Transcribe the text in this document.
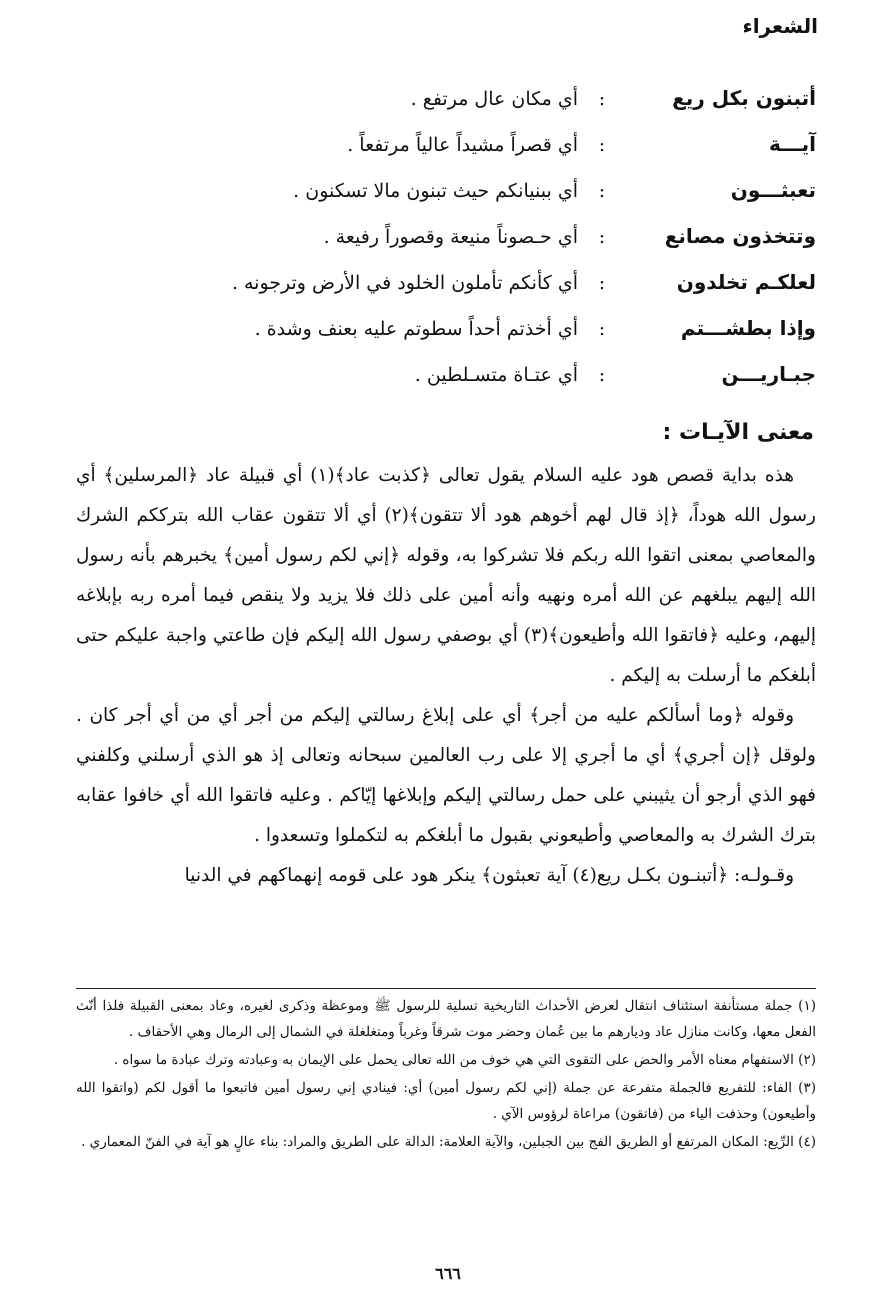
الشعراء
أتبنون بكل ريع
:
أي مكان عال مرتفع .
آيـــة
:
أي قصراً مشيداً عالياً مرتفعاً .
تعبثـــون
:
أي ببنيانكم حيث تبنون مالا تسكنون .
وتتخذون مصانع
:
أي حـصوناً منيعة وقصوراً رفيعة .
لعلكـم تخلدون
:
أي كأنكم تأملون الخلود في الأرض وترجونه .
وإذا بطشـــتم
:
أي أخذتم أحداً سطوتم عليه بعنف وشدة .
جبـاريـــن
:
أي عتـاة متسـلطين .
معنى الآيـات :

هذه بداية قصص هود عليه السلام يقول تعالى ﴿كذبت عاد﴾(١) أي قبيلة عاد ﴿المرسلين﴾ أي رسول الله هوداً، ﴿إذ قال لهم أخوهم هود ألا تتقون﴾(٢) أي ألا تتقون عقاب الله بترككم الشرك والمعاصي بمعنى اتقوا الله ربكم فلا تشركوا به، وقوله ﴿إني لكم رسول أمين﴾ يخبرهم بأنه رسول الله إليهم يبلغهم عن الله أمره ونهيه وأنه أمين على ذلك فلا يزيد ولا ينقص فيما أمره ربه بإبلاغه إليهم، وعليه ﴿فاتقوا الله وأطيعون﴾(٣) أي بوصفي رسول الله إليكم فإن طاعتي واجبة عليكم حتى أبلغكم ما أرسلت به إليكم .

وقوله ﴿وما أسألكم عليه من أجر﴾ أي على إبلاغ رسالتي إليكم من أجر أي من أي أجر كان . ولوقل ﴿إن أجري﴾ أي ما أجري إلا على رب العالمين سبحانه وتعالى إذ هو الذي أرسلني وكلفني فهو الذي أرجو أن يثيبني على حمل رسالتي إليكم وإبلاغها إيّاكم . وعليه فاتقوا الله أي خافوا عقابه بترك الشرك به والمعاصي وأطيعوني بقبول ما أبلغكم به لتكملوا وتسعدوا .

وقـولـه: ﴿أتبنـون بكـل ريع(٤) آية تعبثون﴾ ينكر هود على قومه إنهماكهم في الدنيا

(١) جملة مستأنفة استئناف انتقال لعرض الأحداث التاريخية تسلية للرسول ﷺ وموعظة وذكرى لغيره، وعاد بمعنى القبيلة فلذا أنّث الفعل معها، وكانت منازل عاد وديارهم ما بين عُمان وحضر موت شرقاً وغرباً ومتغلغلة في الشمال إلى الرمال وهي الأحقاف .

(٢) الاستفهام معناه الأمر والحض على التقوى التي هي خوف من الله تعالى يحمل على الإيمان به وعبادته وترك عبادة ما سواه .

(٣) الفاء: للتفريع فالجملة متفرعة عن جملة (إني لكم رسول أمين) أي: فينادي إني رسول أمين فاتبعوا ما أقول لكم (واتقوا الله وأطيعون) وحذفت الياء من (فاتقون) مراعاة لرؤوس الآي .

(٤) الرِّيع: المكان المرتفع أو الطريق الفج بين الجبلين، والآية العلامة: الدالة على الطريق والمراد: بناء عالٍ هو آية في الفنّ المعماري .

٦٦٦
